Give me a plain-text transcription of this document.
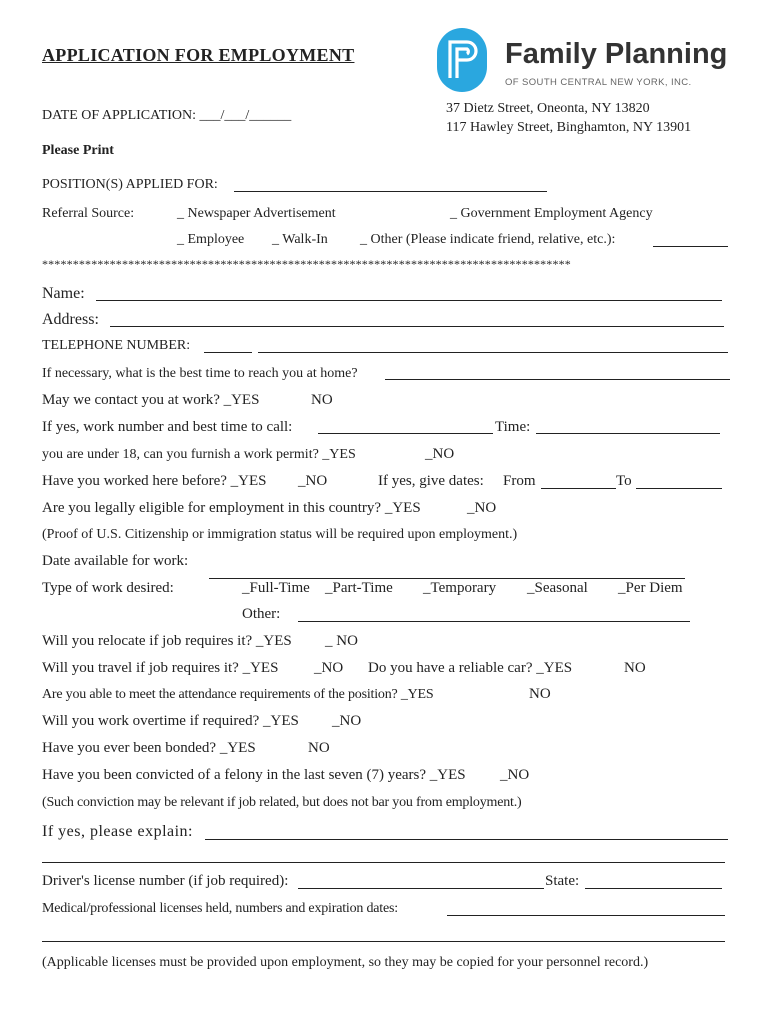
APPLICATION FOR EMPLOYMENT	Family Planning
OF SOUTH CENTRAL NEW YORK, INC.
37 Dietz Street, Oneonta, NY 13820
117 Hawley Street, Binghamton, NY 13901
DATE OF APPLICATION: ___/___/______
Please Print
POSITION(S) APPLIED FOR:
Referral Source:	_ Newspaper Advertisement	_ Government Employment Agency
_ Employee _ Walk-In _ Other (Please indicate friend, relative, etc.):
**************************************************************************************
Name:
Address:
TELEPHONE NUMBER:
If necessary, what is the best time to reach you at home?
May we contact you at work? _YES	NO
If yes, work number and best time to call:	Time:
you are under 18, can you furnish a work permit? _YES	_NO
Have you worked here before? _YES _NO	If yes, give dates: From	To
Are you legally eligible for employment in this country? _YES	_NO
(Proof of U.S. Citizenship or immigration status will be required upon employment.)
Date available for work:
Type of work desired:	_Full-Time _Part-Time _Temporary _Seasonal _Per Diem
Other:
Will you relocate if job requires it? _YES _ NO
Will you travel if job requires it? _YES _NO Do you have a reliable car? _YES	NO
Are you able to meet the attendance requirements of the position? _YES	NO
Will you work overtime if required? _YES _NO
Have you ever been bonded? _YES	NO
Have you been convicted of a felony in the last seven (7) years? _YES _NO
(Such conviction may be relevant if job related, but does not bar you from employment.)
If yes, please explain:
Driver's license number (if job required):	State:
Medical/professional licenses held, numbers and expiration dates:
(Applicable licenses must be provided upon employment, so they may be copied for your personnel record.)
